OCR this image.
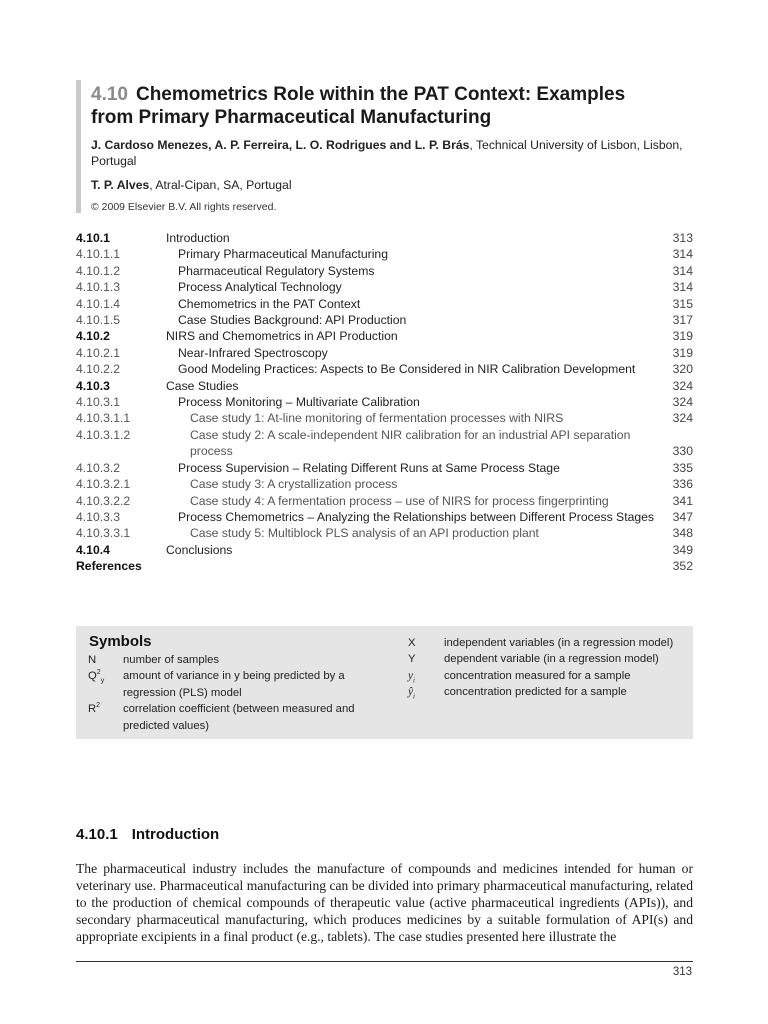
4.10 Chemometrics Role within the PAT Context: Examples
from Primary Pharmaceutical Manufacturing
J. Cardoso Menezes, A. P. Ferreira, L. O. Rodrigues and L. P. Brás, Technical University of Lisbon, Lisbon, Portugal
T. P. Alves, Atral-Cipan, SA, Portugal
© 2009 Elsevier B.V. All rights reserved.
4.10.1	Introduction	313
4.10.1.1	Primary Pharmaceutical Manufacturing	314
4.10.1.2	Pharmaceutical Regulatory Systems	314
4.10.1.3	Process Analytical Technology	314
4.10.1.4	Chemometrics in the PAT Context	315
4.10.1.5	Case Studies Background: API Production	317
4.10.2	NIRS and Chemometrics in API Production	319
4.10.2.1	Near-Infrared Spectroscopy	319
4.10.2.2	Good Modeling Practices: Aspects to Be Considered in NIR Calibration Development	320
4.10.3	Case Studies	324
4.10.3.1	Process Monitoring – Multivariate Calibration	324
4.10.3.1.1	Case study 1: At-line monitoring of fermentation processes with NIRS	324
4.10.3.1.2	Case study 2: A scale-independent NIR calibration for an industrial API separation process	330
4.10.3.2	Process Supervision – Relating Different Runs at Same Process Stage	335
4.10.3.2.1	Case study 3: A crystallization process	336
4.10.3.2.2	Case study 4: A fermentation process – use of NIRS for process fingerprinting	341
4.10.3.3	Process Chemometrics – Analyzing the Relationships between Different Process Stages	347
4.10.3.3.1	Case study 5: Multiblock PLS analysis of an API production plant	348
4.10.4	Conclusions	349
References	352
Symbols
N	number of samples
$Q^2_y$	amount of variance in y being predicted by a regression (PLS) model
$R^2$	correlation coefficient (between measured and predicted values)
X	independent variables (in a regression model)
Y	dependent variable (in a regression model)
$y_i$	concentration measured for a sample
$ŷ_i$	concentration predicted for a sample
4.10.1 Introduction
The pharmaceutical industry includes the manufacture of compounds and medicines intended for human or veterinary use. Pharmaceutical manufacturing can be divided into primary pharmaceutical manufacturing, related to the production of chemical compounds of therapeutic value (active pharmaceutical ingredients (APIs)), and secondary pharmaceutical manufacturing, which produces medicines by a suitable formulation of API(s) and appropriate excipients in a final product (e.g., tablets). The case studies presented here illustrate the
313
